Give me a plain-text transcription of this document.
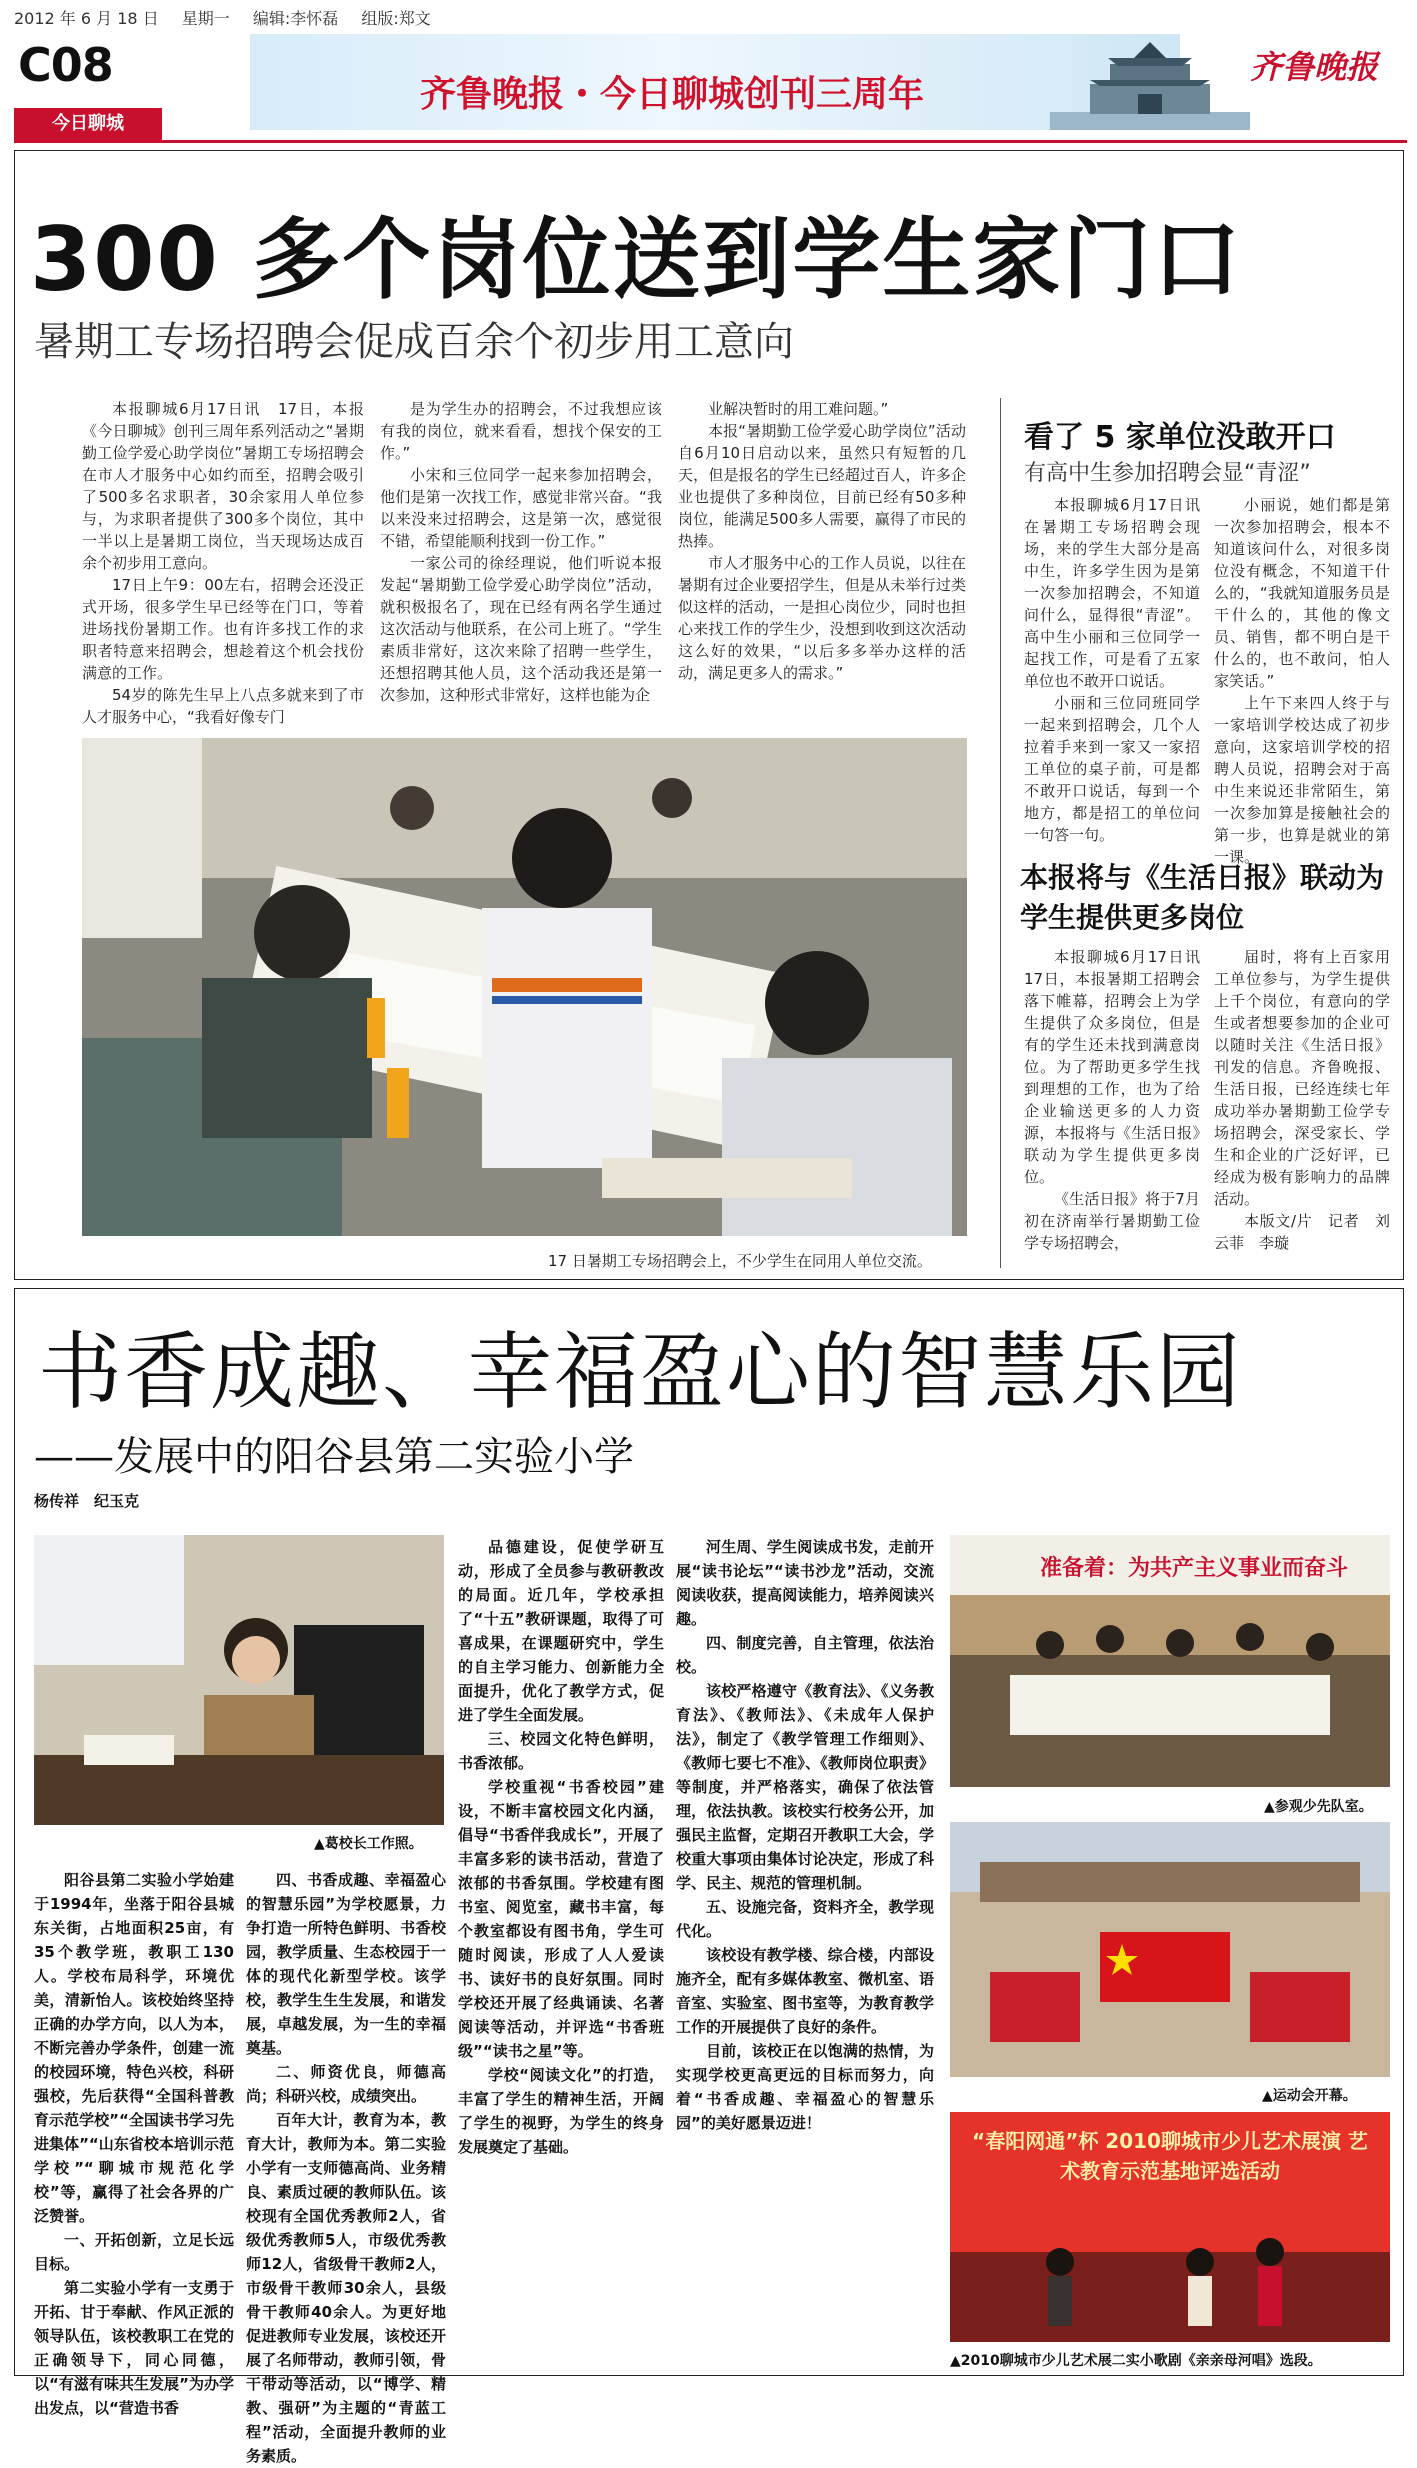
2012 年 6 月 18 日 星期一 编辑:李怀磊 组版:郑文
C08
今日聊城
齐鲁晚报・今日聊城创刊三周年
齐鲁晚报
300 多个岗位送到学生家门口
暑期工专场招聘会促成百余个初步用工意向

本报聊城6月17日讯　17日，本报《今日聊城》创刊三周年系列活动之“暑期勤工俭学爱心助学岗位”暑期工专场招聘会在市人才服务中心如约而至，招聘会吸引了500多名求职者，30余家用人单位参与，为求职者提供了300多个岗位，其中一半以上是暑期工岗位，当天现场达成百余个初步用工意向。

17日上午9：00左右，招聘会还没正式开场，很多学生早已经等在门口，等着进场找份暑期工作。也有许多找工作的求职者特意来招聘会，想趁着这个机会找份满意的工作。

54岁的陈先生早上八点多就来到了市人才服务中心，“我看好像专门

是为学生办的招聘会，不过我想应该有我的岗位，就来看看，想找个保安的工作。”

小宋和三位同学一起来参加招聘会，他们是第一次找工作，感觉非常兴奋。“我以来没来过招聘会，这是第一次，感觉很不错，希望能顺利找到一份工作。”

一家公司的徐经理说，他们听说本报发起“暑期勤工俭学爱心助学岗位”活动，就积极报名了，现在已经有两名学生通过这次活动与他联系，在公司上班了。“学生素质非常好，这次来除了招聘一些学生，还想招聘其他人员，这个活动我还是第一次参加，这种形式非常好，这样也能为企

业解决暂时的用工难问题。”

本报“暑期勤工俭学爱心助学岗位”活动自6月10日启动以来，虽然只有短暂的几天，但是报名的学生已经超过百人，许多企业也提供了多种岗位，目前已经有50多种岗位，能满足500多人需要，赢得了市民的热捧。

市人才服务中心的工作人员说，以往在暑期有过企业要招学生，但是从未举行过类似这样的活动，一是担心岗位少，同时也担心来找工作的学生少，没想到收到这次活动这么好的效果，“以后多多举办这样的活动，满足更多人的需求。”

17 日暑期工专场招聘会上，不少学生在同用人单位交流。
看了 5 家单位没敢开口
有高中生参加招聘会显“青涩”

本报聊城6月17日讯　在暑期工专场招聘会现场，来的学生大部分是高中生，许多学生因为是第一次参加招聘会，不知道问什么，显得很“青涩”。高中生小丽和三位同学一起找工作，可是看了五家单位也不敢开口说话。

小丽和三位同班同学一起来到招聘会，几个人拉着手来到一家又一家招工单位的桌子前，可是都不敢开口说话，每到一个地方，都是招工的单位问一句答一句。

小丽说，她们都是第一次参加招聘会，根本不知道该问什么，对很多岗位没有概念，不知道干什么的，“我就知道服务员是干什么的，其他的像文员、销售，都不明白是干什么的，也不敢问，怕人家笑话。”

上午下来四人终于与一家培训学校达成了初步意向，这家培训学校的招聘人员说，招聘会对于高中生来说还非常陌生，第一次参加算是接触社会的第一步，也算是就业的第一课。

本报将与《生活日报》联动为学生提供更多岗位

本报聊城6月17日讯　17日，本报暑期工招聘会落下帷幕，招聘会上为学生提供了众多岗位，但是有的学生还未找到满意岗位。为了帮助更多学生找到理想的工作，也为了给企业输送更多的人力资源，本报将与《生活日报》联动为学生提供更多岗位。

《生活日报》将于7月初在济南举行暑期勤工俭学专场招聘会，

届时，将有上百家用工单位参与，为学生提供上千个岗位，有意向的学生或者想要参加的企业可以随时关注《生活日报》刊发的信息。齐鲁晚报、生活日报，已经连续七年成功举办暑期勤工俭学专场招聘会，深受家长、学生和企业的广泛好评，已经成为极有影响力的品牌活动。

本版文/片　记者　刘云菲　李璇

书香成趣、幸福盈心的智慧乐园
——发展中的阳谷县第二实验小学
杨传祥　纪玉克
▲葛校长工作照。

阳谷县第二实验小学始建于1994年，坐落于阳谷县城东关街，占地面积25亩，有35个教学班，教职工130人。学校布局科学，环境优美，清新怡人。该校始终坚持正确的办学方向，以人为本，不断完善办学条件，创建一流的校园环境，特色兴校，科研强校，先后获得“全国科普教育示范学校”“全国读书学习先进集体”“山东省校本培训示范学校”“聊城市规范化学校”等，赢得了社会各界的广泛赞誉。

一、开拓创新，立足长远目标。

第二实验小学有一支勇于开拓、甘于奉献、作风正派的领导队伍，该校教职工在党的正确领导下，同心同德，以“有滋有味共生发展”为办学出发点，以“营造书香

四、书香成趣、幸福盈心的智慧乐园”为学校愿景，力争打造一所特色鲜明、书香校园，教学质量、生态校园于一体的现代化新型学校。该学校，教学生生生发展，和谐发展，卓越发展，为一生的幸福奠基。

二、师资优良，师德高尚；科研兴校，成绩突出。

百年大计，教育为本，教育大计，教师为本。第二实验小学有一支师德高尚、业务精良、素质过硬的教师队伍。该校现有全国优秀教师2人，省级优秀教师5人，市级优秀教师12人，省级骨干教师2人，市级骨干教师30余人，县级骨干教师40余人。为更好地促进教师专业发展，该校还开展了名师带动，教师引领，骨干带动等活动，以“博学、精教、强研”为主题的“青蓝工程”活动，全面提升教师的业务素质。

品德建设，促使学研互动，形成了全员参与教研教改的局面。近几年，学校承担了“十五”教研课题，取得了可喜成果，在课题研究中，学生的自主学习能力、创新能力全面提升，优化了教学方式，促进了学生全面发展。

三、校园文化特色鲜明，书香浓郁。

学校重视“书香校园”建设，不断丰富校园文化内涵，倡导“书香伴我成长”，开展了丰富多彩的读书活动，营造了浓郁的书香氛围。学校建有图书室、阅览室，藏书丰富，每个教室都设有图书角，学生可随时阅读，形成了人人爱读书、读好书的良好氛围。同时学校还开展了经典诵读、名著阅读等活动，并评选“书香班级”“读书之星”等。

学校“阅读文化”的打造，丰富了学生的精神生活，开阔了学生的视野，为学生的终身发展奠定了基础。

河生周、学生阅读成书发，走前开展“读书论坛”“读书沙龙”活动，交流阅读收获，提高阅读能力，培养阅读兴趣。

四、制度完善，自主管理，依法治校。

该校严格遵守《教育法》、《义务教育法》、《教师法》、《未成年人保护法》，制定了《教学管理工作细则》、《教师七要七不准》、《教师岗位职责》等制度，并严格落实，确保了依法管理，依法执教。该校实行校务公开，加强民主监督，定期召开教职工大会，学校重大事项由集体讨论决定，形成了科学、民主、规范的管理机制。

五、设施完备，资料齐全，教学现代化。

该校设有教学楼、综合楼，内部设施齐全，配有多媒体教室、微机室、语音室、实验室、图书室等，为教育教学工作的开展提供了良好的条件。

目前，该校正在以饱满的热情，为实现学校更高更远的目标而努力，向着“书香成趣、幸福盈心的智慧乐园”的美好愿景迈进！

准备着：为共产主义事业而奋斗
▲参观少先队室。
▲运动会开幕。
“春阳网通”杯 2010聊城市少儿艺术展演 艺术教育示范基地评选活动
▲2010聊城市少儿艺术展二实小歌剧《亲亲母河唱》选段。
